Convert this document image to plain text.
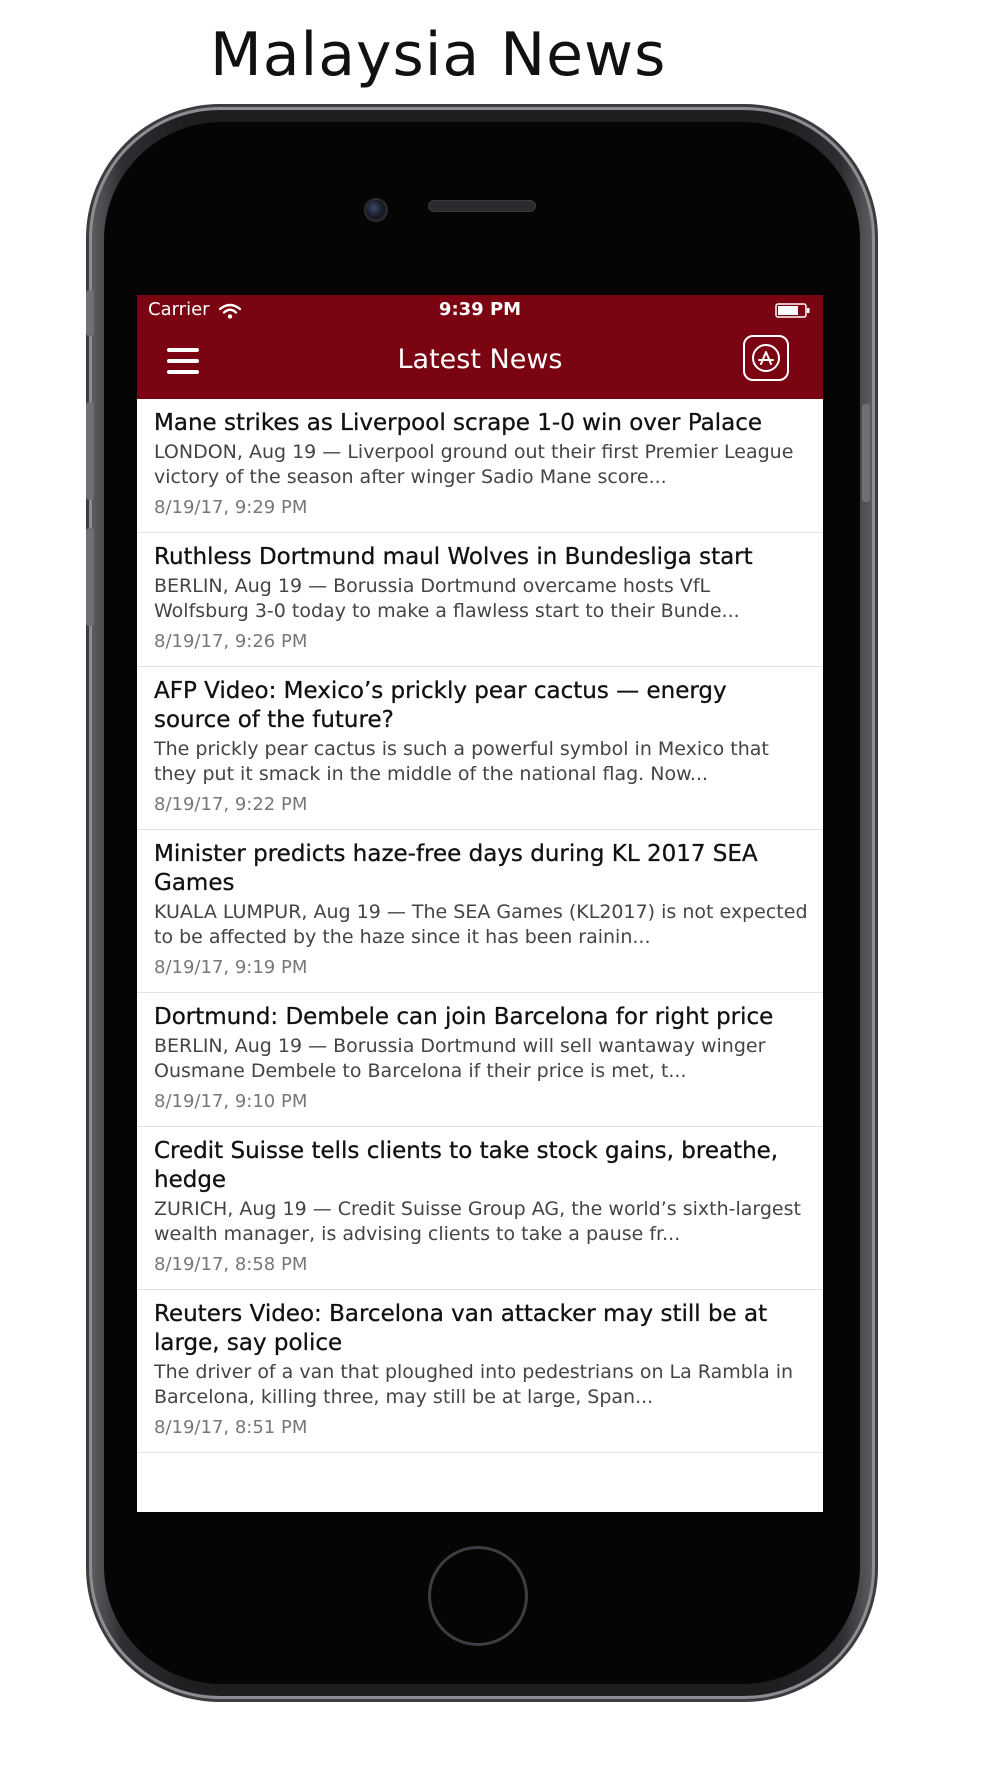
Malaysia News
Carrier	9:39 PM
Latest News
Mane strikes as Liverpool scrape 1-0 win over Palace
LONDON, Aug 19 — Liverpool ground out their first Premier League victory of the season after winger Sadio Mane score...
8/19/17, 9:29 PM
Ruthless Dortmund maul Wolves in Bundesliga start
BERLIN, Aug 19 — Borussia Dortmund overcame hosts VfL Wolfsburg 3-0 today to make a flawless start to their Bunde...
8/19/17, 9:26 PM
AFP Video: Mexico’s prickly pear cactus — energy source of the future?
The prickly pear cactus is such a powerful symbol in Mexico that they put it smack in the middle of the national flag. Now...
8/19/17, 9:22 PM
Minister predicts haze-free days during KL 2017 SEA Games
KUALA LUMPUR, Aug 19 — The SEA Games (KL2017) is not expected to be affected by the haze since it has been rainin...
8/19/17, 9:19 PM
Dortmund: Dembele can join Barcelona for right price
BERLIN, Aug 19 — Borussia Dortmund will sell wantaway winger Ousmane Dembele to Barcelona if their price is met, t...
8/19/17, 9:10 PM
Credit Suisse tells clients to take stock gains, breathe, hedge
ZURICH, Aug 19 — Credit Suisse Group AG, the world’s sixth-largest wealth manager, is advising clients to take a pause fr...
8/19/17, 8:58 PM
Reuters Video: Barcelona van attacker may still be at large, say police
The driver of a van that ploughed into pedestrians on La Rambla in Barcelona, killing three, may still be at large, Span...
8/19/17, 8:51 PM
